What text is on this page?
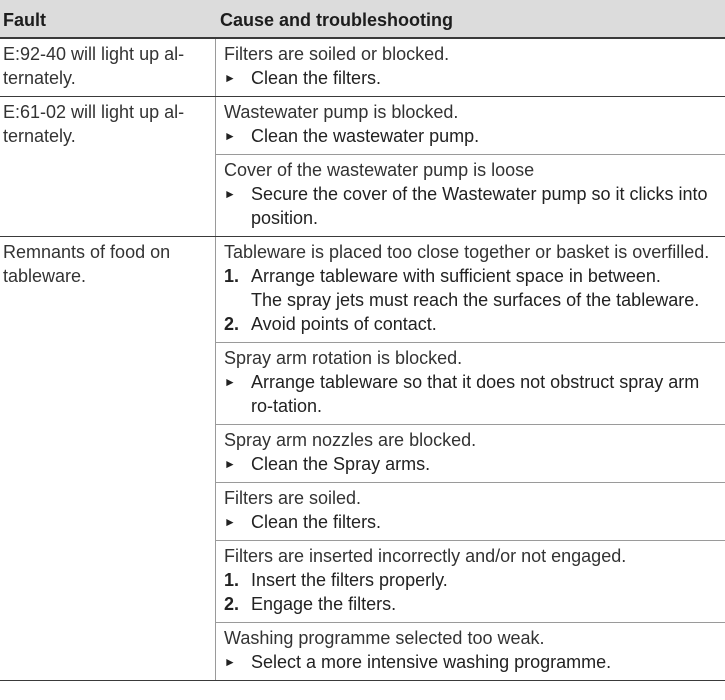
Fault	Cause and troubleshooting
E:92-40 will light up al-ternately.
Filters are soiled or blocked.
► Clean the filters.
E:61-02 will light up al-ternately.
Wastewater pump is blocked.
► Clean the wastewater pump.
Cover of the wastewater pump is loose
► Secure the cover of the Wastewater pump so it clicks into position.
Remnants of food on tableware.
Tableware is placed too close together or basket is overfilled.
1. Arrange tableware with sufficient space in between.
The spray jets must reach the surfaces of the tableware.
2. Avoid points of contact.
Spray arm rotation is blocked.
► Arrange tableware so that it does not obstruct spray arm ro-tation.
Spray arm nozzles are blocked.
► Clean the Spray arms.
Filters are soiled.
► Clean the filters.
Filters are inserted incorrectly and/or not engaged.
1. Insert the filters properly.
2. Engage the filters.
Washing programme selected too weak.
► Select a more intensive washing programme.
